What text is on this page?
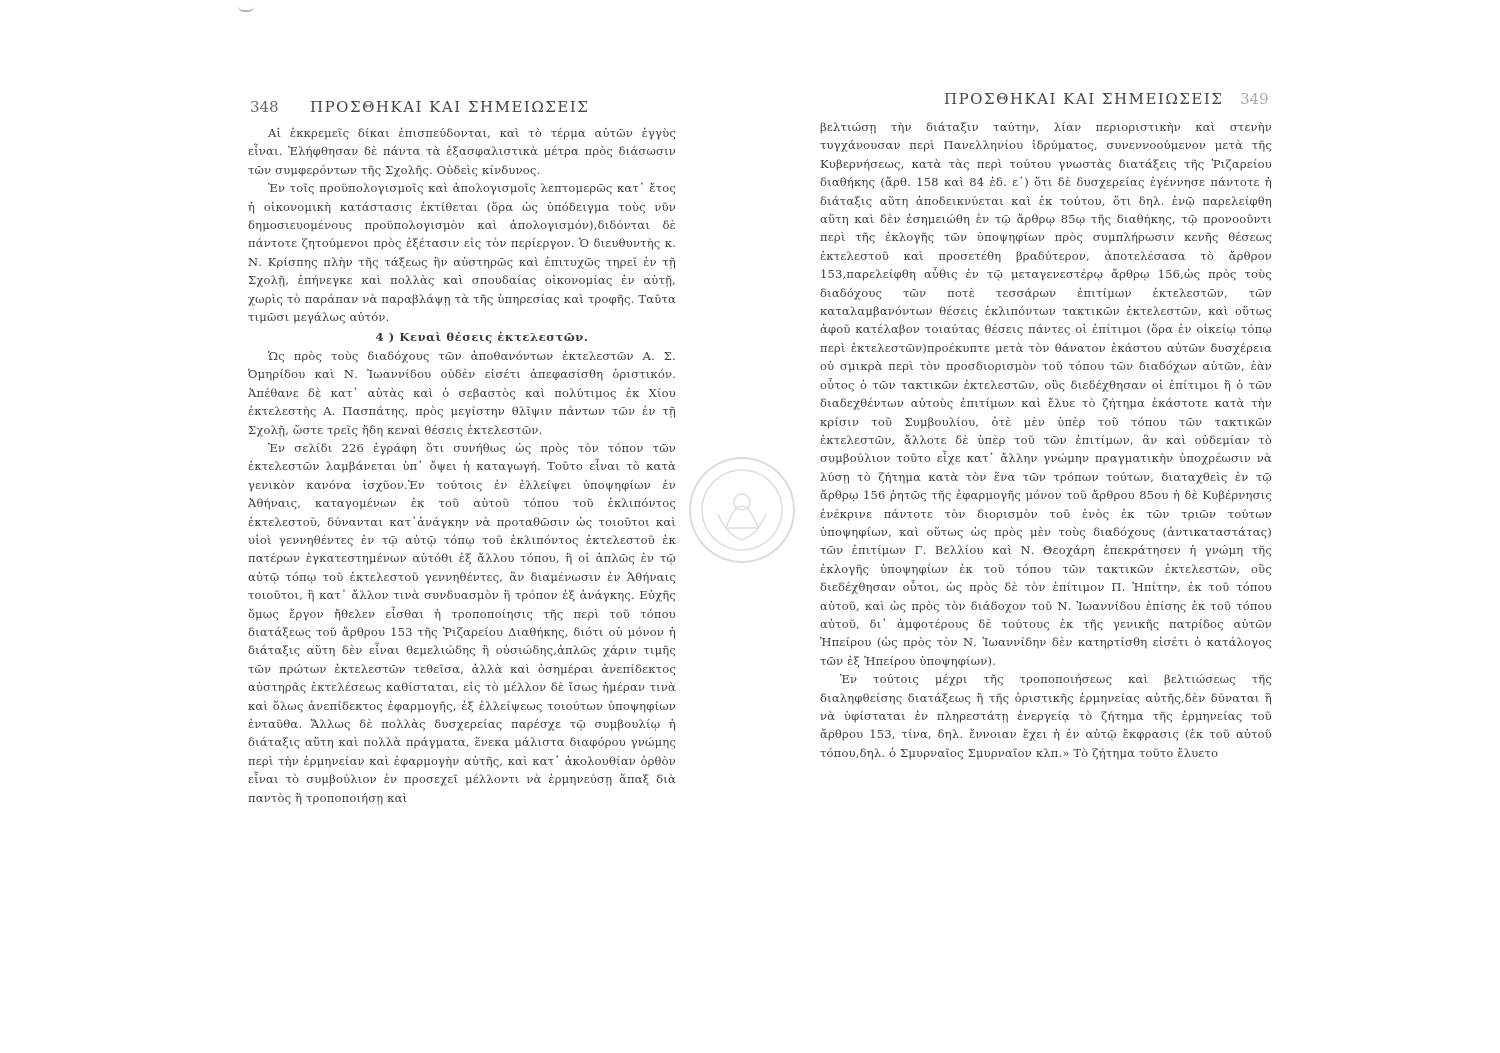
348 ΠΡΟΣΘΗΚΑΙ ΚΑΙ ΣΗΜΕΙΩΣΕΙΣ

Αἱ ἐκκρεμεῖς δίκαι ἐπισπεύδονται, καὶ τὸ τέρμα αὐτῶν ἐγγὺς εἶναι. Ἐλήφθησαν δὲ πάντα τὰ ἐξασφαλιστικὰ μέτρα πρὸς διάσωσιν τῶν συμφερόντων τῆς Σχολῆς. Οὐδεὶς κίνδυνος.

Ἐν τοῖς προϋπολογισμοῖς καὶ ἀπολογισμοῖς λεπτομερῶς κατ᾽ ἔτος ἡ οἰκονομικὴ κατάστασις ἐκτίθεται (ὅρα ὡς ὑπόδειγμα τοὺς νῦν δημοσιευομένους προϋπολογισμὸν καὶ ἀπολογισμόν),διδόνται δὲ πάντοτε ζητούμενοι πρὸς ἐξέτασιν εἰς τὸν περίεργον. Ὁ διευθυντὴς κ. Ν. Κρίσπης πλὴν τῆς τάξεως ἣν αὐστηρῶς καὶ ἐπιτυχῶς τηρεῖ ἐν τῇ Σχολῇ, ἐπήνεγκε καὶ πολλὰς καὶ σπουδαίας οἰκονομίας ἐν αὐτῇ, χωρὶς τὸ παράπαν νὰ παραβλάψῃ τὰ τῆς ὑπηρεσίας καὶ τροφῆς. Ταῦτα τιμῶσι μεγάλως αὐτόν.

4 ) Κεναὶ θέσεις ἐκτελεστῶν.

Ὡς πρὸς τοὺς διαδόχους τῶν ἀποθανόντων ἐκτελεστῶν Α. Σ. Ὀμηρίδου καὶ Ν. Ἰωαννίδου οὐδὲν εἰσέτι ἀπεφασίσθη ὁριστικόν. Ἀπέθανε δὲ κατ᾽ αὐτὰς καὶ ὁ σεβαστὸς καὶ πολύτιμος ἐκ Χίου ἐκτελεστὴς Α. Πασπάτης, πρὸς μεγίστην θλῖψιν πάντων τῶν ἐν τῇ Σχολῇ, ὥστε τρεῖς ἤδη κεναὶ θέσεις ἐκτελεστῶν.

Ἐν σελίδι 226 ἐγράφη ὅτι συνήθως ὡς πρὸς τὸν τόπον τῶν ἐκτελεστῶν λαμβάνεται ὑπ᾽ ὄψει ἡ καταγωγή. Τοῦτο εἶναι τὸ κατὰ γενικὸν κανόνα ἰσχῦον.Ἐν τούτοις ἐν ἐλλείψει ὑποψηφίων ἐν Ἀθήναις, καταγομένων ἐκ τοῦ αὐτοῦ τόπου τοῦ ἐκλιπόντος ἐκτελεστοῦ, δύνανται κατ᾽ἀνάγκην νὰ προταθῶσιν ὡς τοιοῦτοι καὶ υἱοὶ γεννηθέντες ἐν τῷ αὐτῷ τόπῳ τοῦ ἐκλιπόντος ἐκτελεστοῦ ἐκ πατέρων ἐγκατεστημένων αὐτόθι ἐξ ἄλλου τόπου, ἢ οἱ ἁπλῶς ἐν τῷ αὐτῷ τόπῳ τοῦ ἐκτελεστοῦ γεννηθέντες, ἂν διαμένωσιν ἐν Ἀθήναις τοιοῦτοι, ἢ κατ᾽ ἄλλον τινὰ συνδυασμὸν ἢ τρόπον ἐξ ἀνάγκης. Εὐχῆς ὅμως ἔργον ἤθελεν εἶσθαι ἡ τροποποίησις τῆς περὶ τοῦ τόπου διατάξεως τοῦ ἄρθρου 153 τῆς Ῥιζαρείου Διαθήκης, διότι οὐ μόνον ἡ διάταξις αὕτη δὲν εἶναι θεμελιώδης ἢ οὐσιώδης,ἁπλῶς χάριν τιμῆς τῶν πρώτων ἐκτελεστῶν τεθεῖσα, ἀλλὰ καὶ ὁσημέραι ἀνεπίδεκτος αὐστηρᾶς ἐκτελέσεως καθίσταται, εἰς τὸ μέλλον δὲ ἴσως ἡμέραν τινὰ καὶ ὅλως ἀνεπίδεκτος ἐφαρμογῆς, ἐξ ἐλλείψεως τοιούτων ὑποψηφίων ἐνταῦθα. Ἄλλως δὲ πολλὰς δυσχερείας παρέσχε τῷ συμβουλίῳ ἡ διάταξις αὕτη καὶ πολλὰ πράγματα, ἕνεκα μάλιστα διαφόρου γνώμης περὶ τὴν ἑρμηνείαν καὶ ἐφαρμογὴν αὐτῆς, καὶ κατ᾽ ἀκολουθίαν ὀρθὸν εἶναι τὸ συμβούλιον ἐν προσεχεῖ μέλλοντι νὰ ἑρμηνεύσῃ ἅπαξ διὰ παντὸς ἢ τροποποιήσῃ καὶ

ΠΡΟΣΘΗΚΑΙ ΚΑΙ ΣΗΜΕΙΩΣΕΙΣ 349

βελτιώσῃ τὴν διάταξιν ταύτην, λίαν περιοριστικὴν καὶ στενὴν τυγχάνουσαν περὶ Πανελληνίου ἱδρύματος, συνεννοούμενον μετὰ τῆς Κυβερνήσεως, κατὰ τὰς περὶ τούτου γνωστὰς διατάξεις τῆς Ῥιζαρείου διαθήκης (ἄρθ. 158 καὶ 84 ἐδ. ε᾽) ὅτι δὲ δυσχερείας ἐγέννησε πάντοτε ἡ διάταξις αὕτη ἀποδεικνύεται καὶ ἐκ τούτου, ὅτι δηλ. ἐνῷ παρελείφθη αὕτη καὶ δὲν ἐσημειώθη ἐν τῷ ἄρθρῳ 85ῳ τῆς διαθήκης, τῷ προνοοῦντι περὶ τῆς ἐκλογῆς τῶν ὑποψηφίων πρὸς συμπλήρωσιν κενῆς θέσεως ἐκτελεστοῦ καὶ προσετέθη βραδύτερον, ἀποτελέσασα τὸ ἄρθρον 153,παρελείφθη αὖθις ἐν τῷ μεταγενεστέρῳ ἄρθρῳ 156,ὡς πρὸς τοὺς διαδόχους τῶν ποτὲ τεσσάρων ἐπιτίμων ἐκτελεστῶν, τῶν καταλαμβανόντων θέσεις ἐκλιπόντων τακτικῶν ἐκτελεστῶν, καὶ οὕτως ἀφοῦ κατέλαβον τοιαύτας θέσεις πάντες οἱ ἐπίτιμοι (ὅρα ἐν οἰκείῳ τόπῳ περὶ ἐκτελεστῶν)προέκυπτε μετὰ τὸν θάνατον ἑκάστου αὐτῶν δυσχέρεια οὐ σμικρὰ περὶ τὸν προσδιορισμὸν τοῦ τόπου τῶν διαδόχων αὐτῶν, ἐὰν οὗτος ὁ τῶν τακτικῶν ἐκτελεστῶν, οὓς διεδέχθησαν οἱ ἐπίτιμοι ἢ ὁ τῶν διαδεχθέντων αὐτοὺς ἐπιτίμων καὶ ἔλυε τὸ ζήτημα ἑκάστοτε κατὰ τὴν κρίσιν τοῦ Συμβουλίου, ὁτὲ μὲν ὑπὲρ τοῦ τόπου τῶν τακτικῶν ἐκτελεστῶν, ἄλλοτε δὲ ὑπὲρ τοῦ τῶν ἐπιτίμων, ἂν καὶ οὐδεμίαν τὸ συμβούλιον τοῦτο εἶχε κατ᾽ ἄλλην γνώμην πραγματικὴν ὑποχρέωσιν νὰ λύσῃ τὸ ζήτημα κατὰ τὸν ἕνα τῶν τρόπων τούτων, διαταχθεὶς ἐν τῷ ἄρθρῳ 156 ῥητῶς τῆς ἐφαρμογῆς μόνον τοῦ ἄρθρου 85ου ἡ δὲ Κυβέρνησις ἐνέκρινε πάντοτε τὸν διορισμὸν τοῦ ἑνὸς ἐκ τῶν τριῶν τούτων ὑποψηφίων, καὶ οὕτως ὡς πρὸς μὲν τοὺς διαδόχους (ἀντικαταστάτας) τῶν ἐπιτίμων Γ. Βελλίου καὶ Ν. Θεοχάρη ἐπεκράτησεν ἡ γνώμη τῆς ἐκλογῆς ὑποψηφίων ἐκ τοῦ τόπου τῶν τακτικῶν ἐκτελεστῶν, οὓς διεδέχθησαν οὗτοι, ὡς πρὸς δὲ τὸν ἐπίτιμον Π. Ἠπίτην, ἐκ τοῦ τόπου αὐτοῦ, καὶ ὡς πρὸς τὸν διάδοχον τοῦ Ν. Ἰωαννίδου ἐπίσης ἐκ τοῦ τόπου αὐτοῦ, δι᾽ ἀμφοτέρους δὲ τούτους ἐκ τῆς γενικῆς πατρίδος αὐτῶν Ἠπείρου (ὡς πρὸς τὸν Ν. Ἰωαννίδην δὲν κατηρτίσθη εἰσέτι ὁ κατάλογος τῶν ἐξ Ἠπείρου ὑποψηφίων).

Ἐν τούτοις μέχρι τῆς τροποποιήσεως καὶ βελτιώσεως τῆς διαληφθείσης διατάξεως ἢ τῆς ὁριστικῆς ἑρμηνείας αὐτῆς,δὲν δύναται ἢ νὰ ὑφίσταται ἐν πληρεστάτῃ ἐνεργείᾳ τὸ ζήτημα τῆς ἑρμηνείας τοῦ ἄρθρου 153, τίνα, δηλ. ἔννοιαν ἔχει ἡ ἐν αὐτῷ ἔκφρασις (ἐκ τοῦ αὐτοῦ τόπου,δηλ. ὁ Σμυρναῖος Σμυρναῖον κλπ.» Τὸ ζήτημα τοῦτο ἔλυετο
